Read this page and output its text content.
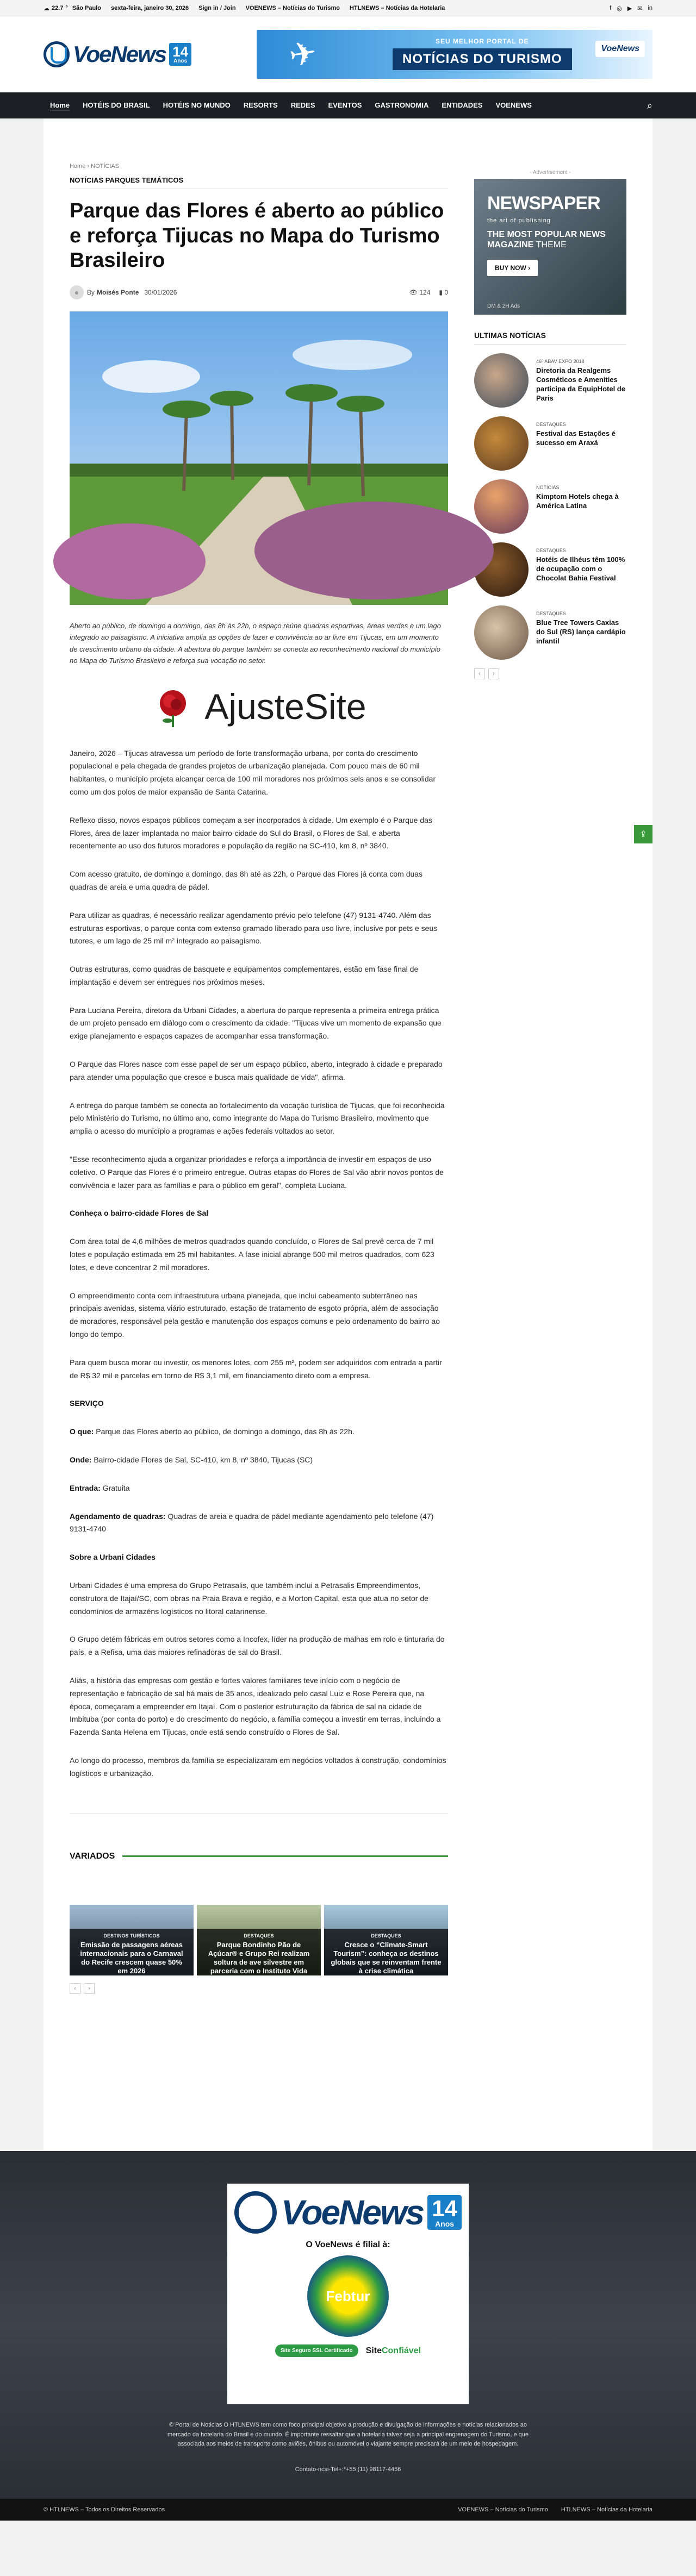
☁ 22.7 ° São Paulo sexta-feira, janeiro 30, 2026 Sign in / Join VOENEWS – Notícias do Turismo HTLNEWS – Notícias da Hotelaria	f ◎ ▶ ✉ in
VoeNews 14
Anos	✈	SEU MELHOR PORTAL DE
NOTÍCIAS DO TURISMO
VoeNews
Home	HOTÉIS DO BRASIL	HOTÉIS NO MUNDO	RESORTS	REDES	EVENTOS	GASTRONOMIA	ENTIDADES	VOENEWS	⌕
Home › NOTÍCIAS
NOTÍCIAS PARQUES TEMÁTICOS
Parque das Flores é aberto ao público e reforça Tijucas no Mapa do Turismo Brasileiro
●	By Moisés Ponte 30/01/2026	👁 124 ▮ 0

Aberto ao público, de domingo a domingo, das 8h às 22h, o espaço reúne quadras esportivas, áreas verdes e um lago integrado ao paisagismo. A iniciativa amplia as opções de lazer e convivência ao ar livre em Tijucas, em um momento de crescimento urbano da cidade. A abertura do parque também se conecta ao reconhecimento nacional do município no Mapa do Turismo Brasileiro e reforça sua vocação no setor.

AjusteSite

Janeiro, 2026 – Tijucas atravessa um período de forte transformação urbana, por conta do crescimento populacional e pela chegada de grandes projetos de urbanização planejada. Com pouco mais de 60 mil habitantes, o município projeta alcançar cerca de 100 mil moradores nos próximos seis anos e se consolidar como um dos polos de maior expansão de Santa Catarina.

Reflexo disso, novos espaços públicos começam a ser incorporados à cidade. Um exemplo é o Parque das Flores, área de lazer implantada no maior bairro-cidade do Sul do Brasil, o Flores de Sal, e aberta recentemente ao uso dos futuros moradores e população da região na SC-410, km 8, nº 3840.

Com acesso gratuito, de domingo a domingo, das 8h até as 22h, o Parque das Flores já conta com duas quadras de areia e uma quadra de pádel.

Para utilizar as quadras, é necessário realizar agendamento prévio pelo telefone (47) 9131-4740. Além das estruturas esportivas, o parque conta com extenso gramado liberado para uso livre, inclusive por pets e seus tutores, e um lago de 25 mil m² integrado ao paisagismo.

Outras estruturas, como quadras de basquete e equipamentos complementares, estão em fase final de implantação e devem ser entregues nos próximos meses.

Para Luciana Pereira, diretora da Urbani Cidades, a abertura do parque representa a primeira entrega prática de um projeto pensado em diálogo com o crescimento da cidade. "Tijucas vive um momento de expansão que exige planejamento e espaços capazes de acompanhar essa transformação.

O Parque das Flores nasce com esse papel de ser um espaço público, aberto, integrado à cidade e preparado para atender uma população que cresce e busca mais qualidade de vida", afirma.

A entrega do parque também se conecta ao fortalecimento da vocação turística de Tijucas, que foi reconhecida pelo Ministério do Turismo, no último ano, como integrante do Mapa do Turismo Brasileiro, movimento que amplia o acesso do município a programas e ações federais voltados ao setor.

"Esse reconhecimento ajuda a organizar prioridades e reforça a importância de investir em espaços de uso coletivo. O Parque das Flores é o primeiro entregue. Outras etapas do Flores de Sal vão abrir novos pontos de convivência e lazer para as famílias e para o público em geral", completa Luciana.

Conheça o bairro-cidade Flores de Sal

Com área total de 4,6 milhões de metros quadrados quando concluído, o Flores de Sal prevê cerca de 7 mil lotes e população estimada em 25 mil habitantes. A fase inicial abrange 500 mil metros quadrados, com 623 lotes, e deve concentrar 2 mil moradores.

O empreendimento conta com infraestrutura urbana planejada, que inclui cabeamento subterrâneo nas principais avenidas, sistema viário estruturado, estação de tratamento de esgoto própria, além de associação de moradores, responsável pela gestão e manutenção dos espaços comuns e pelo ordenamento do bairro ao longo do tempo.

Para quem busca morar ou investir, os menores lotes, com 255 m², podem ser adquiridos com entrada a partir de R$ 32 mil e parcelas em torno de R$ 3,1 mil, em financiamento direto com a empresa.

SERVIÇO

O que: Parque das Flores aberto ao público, de domingo a domingo, das 8h às 22h.

Onde: Bairro-cidade Flores de Sal, SC-410, km 8, nº 3840, Tijucas (SC)

Entrada: Gratuita

Agendamento de quadras: Quadras de areia e quadra de pádel mediante agendamento pelo telefone (47) 9131-4740

Sobre a Urbani Cidades

Urbani Cidades é uma empresa do Grupo Petrasalis, que também inclui a Petrasalis Empreendimentos, construtora de Itajaí/SC, com obras na Praia Brava e região, e a Morton Capital, esta que atua no setor de condomínios de armazéns logísticos no litoral catarinense.

O Grupo detém fábricas em outros setores como a Incofex, líder na produção de malhas em rolo e tinturaria do país, e a Refisa, uma das maiores refinadoras de sal do Brasil.

Aliás, a história das empresas com gestão e fortes valores familiares teve início com o negócio de representação e fabricação de sal há mais de 35 anos, idealizado pelo casal Luiz e Rose Pereira que, na época, começaram a empreender em Itajaí. Com o posterior estruturação da fábrica de sal na cidade de Imbituba (por conta do porto) e do crescimento do negócio, a família começou a investir em terras, incluindo a Fazenda Santa Helena em Tijucas, onde está sendo construído o Flores de Sal.

Ao longo do processo, membros da família se especializaram em negócios voltados à construção, condomínios logísticos e urbanização.

VARIADOS
DESTINOS TURÍSTICOS
Emissão de passagens aéreas internacionais para o Carnaval do Recife crescem quase 50% em 2026
DESTAQUES
Parque Bondinho Pão de Açúcar® e Grupo Rei realizam soltura de ave silvestre em parceria com o Instituto Vida Livre
DESTAQUES
Cresce o “Climate-Smart Tourism”: conheça os destinos globais que se reinventam frente à crise climática
‹	›
- Advertisement -
NEWSPAPER
the art of publishing
THE MOST POPULAR NEWS
MAGAZINE THEME
BUY NOW ›
DM & 2H Ads
ULTIMAS NOTÍCIAS
46º ABAV EXPO 2018
Diretoria da Realgems Cosméticos e Amenities participa da EquipHotel de Paris
DESTAQUES
Festival das Estações é sucesso em Araxá
NOTÍCIAS
Kimptom Hotels chega à América Latina
DESTAQUES
Hotéis de Ilhéus têm 100% de ocupação com o Chocolat Bahia Festival
DESTAQUES
Blue Tree Towers Caxias do Sul (RS) lança cardápio infantil
‹	›
⇪
VoeNews 14
Anos
O VoeNews é filial à:
Febtur
Site Seguro SSL Certificado	SiteConfiável
© Portal de Noticias O HTLNEWS tem como foco principal objetivo a produção e divulgação de informações e notícias relacionados ao mercado da hotelaria do Brasil e do mundo. É importante ressaltar que a hotelaria talvez seja a principal engrenagem do Turismo, e que associada aos meios de transporte como aviões, ônibus ou automóvel o viajante sempre precisará de um meio de hospedagem.
Contato-ncsi-Tel+:*+55 (11) 98117-4456
© HTLNEWS – Todos os Direitos Reservados	VOENEWS – Notícias do Turismo HTLNEWS – Notícias da Hotelaria
